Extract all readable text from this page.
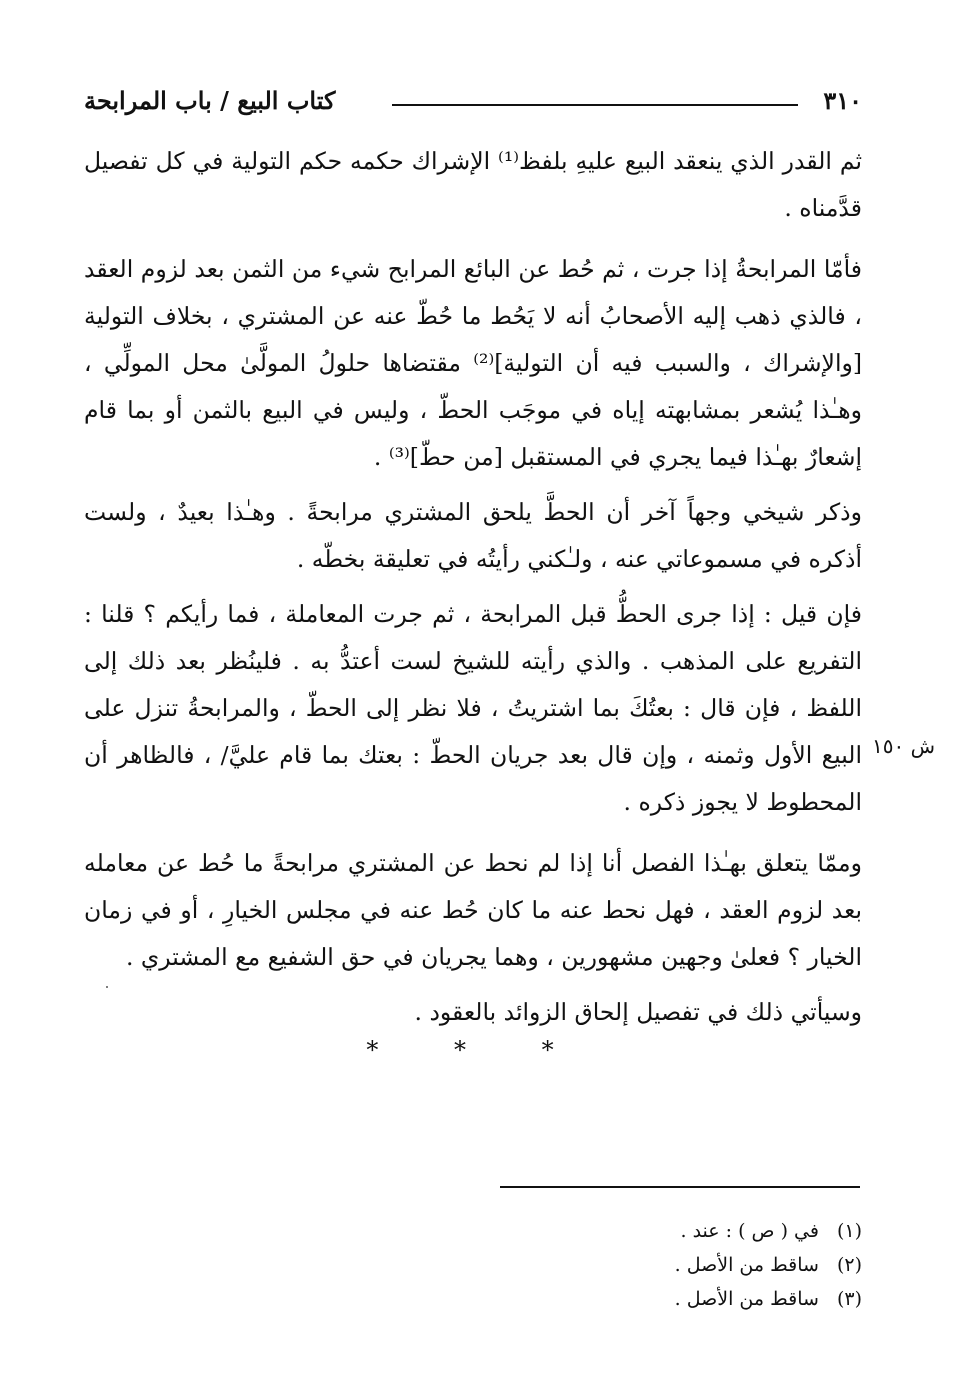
٣١٠
كتاب البيع / باب المرابحة

ثم القدر الذي ينعقد البيع عليهِ بلفظ⁽¹⁾ الإشراك حكمه حكم التولية في كل تفصيل قدَّمناه .

فأمّا المرابحةُ إذا جرت ، ثم حُط عن البائع المرابح شيء من الثمن بعد لزوم العقد ، فالذي ذهب إليه الأصحابُ أنه لا يَحُط ما حُطّ عنه عن المشتري ، بخلاف التولية [والإشراك ، والسبب فيه أن التولية]⁽²⁾ مقتضاها حلولُ المولَّىٰ محل المولِّي ، وهـٰذا يُشعر بمشابهته إياه في موجَب الحطّ ، وليس في البيع بالثمن أو بما قام إشعارٌ بهـٰذا فيما يجري في المستقبل [من حطّ]⁽³⁾ .

وذكر شيخي وجهاً آخر أن الحطَّ يلحق المشتري مرابحةً . وهـٰذا بعيدٌ ، ولست أذكره في مسموعاتي عنه ، ولـٰكني رأيتُه في تعليقة بخطّه .

فإن قيل : إذا جرى الحطُّ قبل المرابحة ، ثم جرت المعاملة ، فما رأيكم ؟ قلنا : التفريع على المذهب . والذي رأيته للشيخ لست أعتدُّ به . فلينُظر بعد ذلك إلى اللفظ ، فإن قال : بعتُكَ بما اشتريتُ ، فلا نظر إلى الحطّ ، والمرابحةُ تنزل على البيع الأول وثمنه ، وإن قال بعد جريان الحطّ : بعتك بما قام عليَّ/ ، فالظاهر أن المحطوط لا يجوز ذكره .

وممّا يتعلق بهـٰذا الفصل أنا إذا لم نحط عن المشتري مرابحةً ما حُط عن معامله بعد لزوم العقد ، فهل نحط عنه ما كان حُط عنه في مجلس الخيارِ ، أو في زمان الخيار ؟ فعلىٰ وجهين مشهورين ، وهما يجريان في حق الشفيع مع المشتري .

وسيأتي ذلك في تفصيل إلحاق الزوائد بالعقود .

ش ١٥٠
* * *
(١)
في ( ص ) : عند .
(٢)
ساقط من الأصل .
(٣)
ساقط من الأصل .
